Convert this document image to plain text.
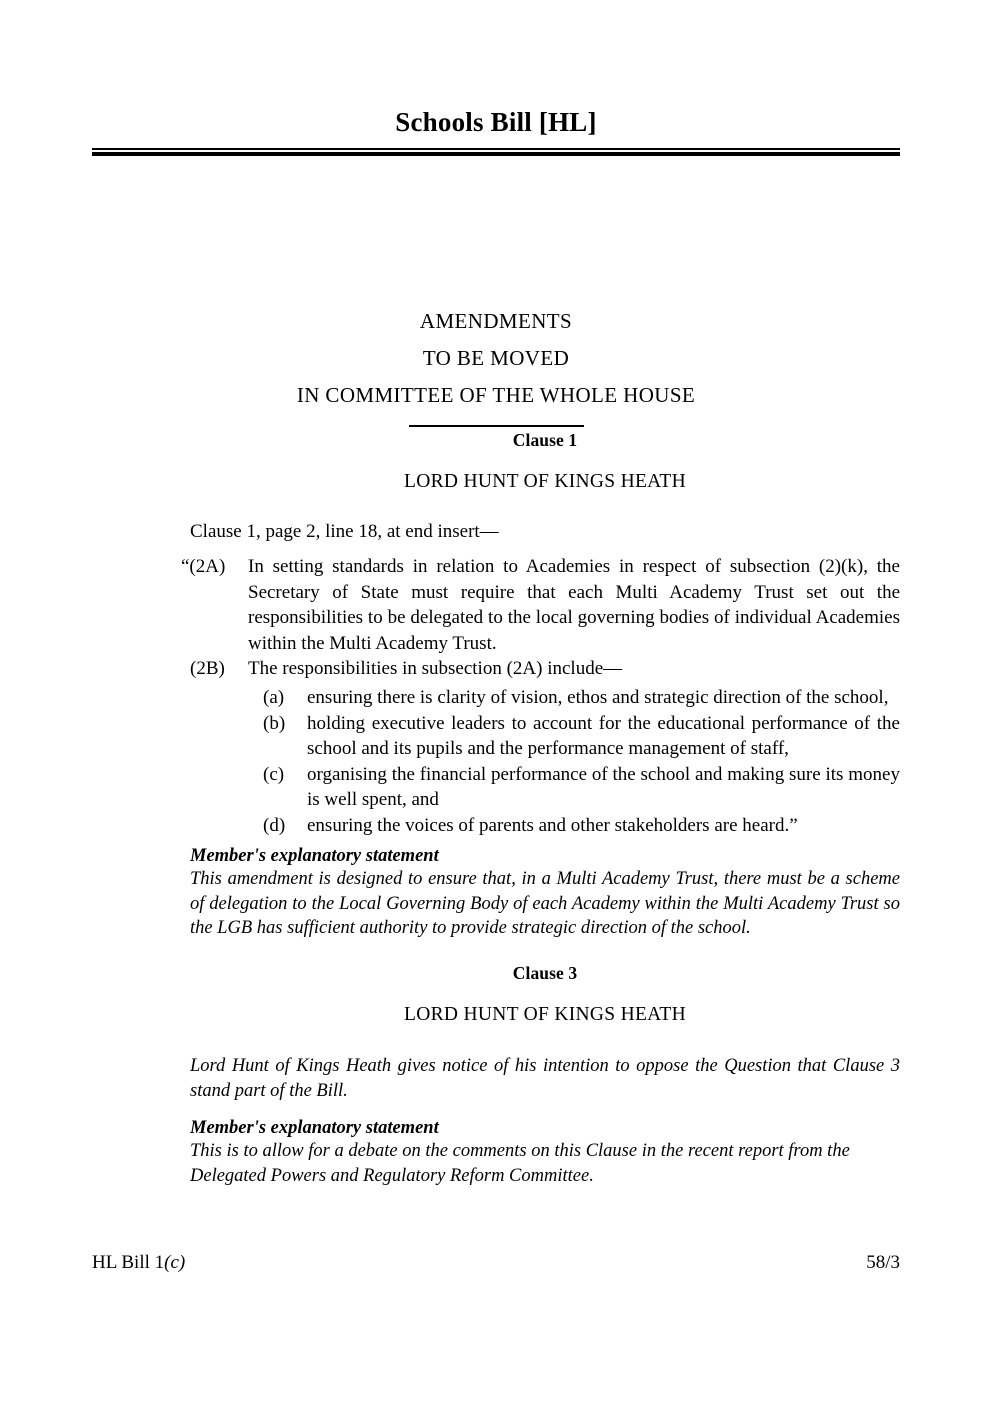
Schools Bill [HL]
AMENDMENTS
TO BE MOVED
IN COMMITTEE OF THE WHOLE HOUSE
Clause 1
LORD HUNT OF KINGS HEATH
Clause 1, page 2, line 18, at end insert—
“(2A)	In setting standards in relation to Academies in respect of subsection (2)(k), the Secretary of State must require that each Multi Academy Trust set out the responsibilities to be delegated to the local governing bodies of individual Academies within the Multi Academy Trust.
(2B)	The responsibilities in subsection (2A) include—
(a)	ensuring there is clarity of vision, ethos and strategic direction of the school,
(b)	holding executive leaders to account for the educational performance of the school and its pupils and the performance management of staff,
(c)	organising the financial performance of the school and making sure its money is well spent, and
(d)	ensuring the voices of parents and other stakeholders are heard.”
Member's explanatory statement
This amendment is designed to ensure that, in a Multi Academy Trust, there must be a scheme of delegation to the Local Governing Body of each Academy within the Multi Academy Trust so the LGB has sufficient authority to provide strategic direction of the school.
Clause 3
LORD HUNT OF KINGS HEATH
Lord Hunt of Kings Heath gives notice of his intention to oppose the Question that Clause 3 stand part of the Bill.
Member's explanatory statement
This is to allow for a debate on the comments on this Clause in the recent report from the Delegated Powers and Regulatory Reform Committee.
HL Bill 1(c)	58/3
